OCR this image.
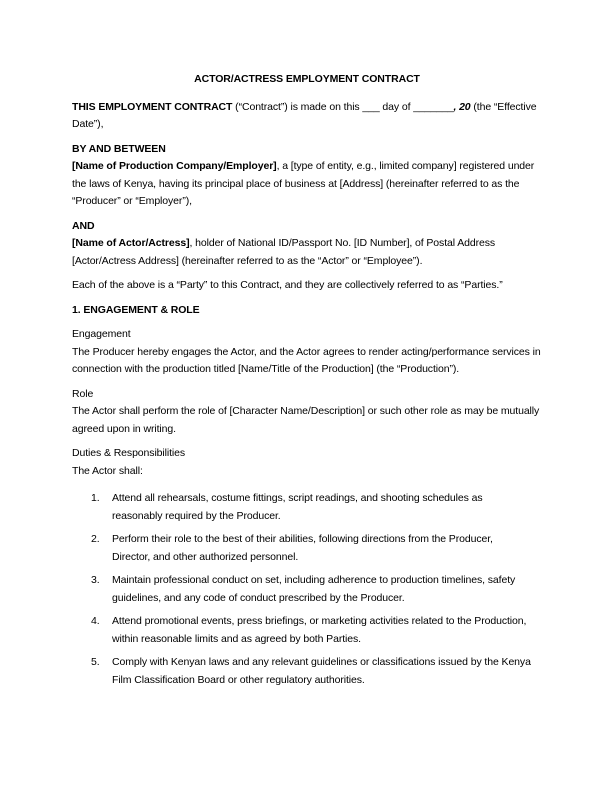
ACTOR/ACTRESS EMPLOYMENT CONTRACT

THIS EMPLOYMENT CONTRACT (“Contract”) is made on this ___ day of _______, 20 (the “Effective Date”),

BY AND BETWEEN

[Name of Production Company/Employer], a [type of entity, e.g., limited company] registered under the laws of Kenya, having its principal place of business at [Address] (hereinafter referred to as the “Producer” or “Employer”),

AND

[Name of Actor/Actress], holder of National ID/Passport No. [ID Number], of Postal Address [Actor/Actress Address] (hereinafter referred to as the “Actor” or “Employee”).

Each of the above is a “Party” to this Contract, and they are collectively referred to as “Parties.”

1. ENGAGEMENT & ROLE

Engagement

The Producer hereby engages the Actor, and the Actor agrees to render acting/performance services in connection with the production titled [Name/Title of the Production] (the “Production”).

Role

The Actor shall perform the role of [Character Name/Description] or such other role as may be mutually agreed upon in writing.

Duties & Responsibilities

The Actor shall:

1.	Attend all rehearsals, costume fittings, script readings, and shooting schedules as reasonably required by the Producer.
2.	Perform their role to the best of their abilities, following directions from the Producer, Director, and other authorized personnel.
3.	Maintain professional conduct on set, including adherence to production timelines, safety guidelines, and any code of conduct prescribed by the Producer.
4.	Attend promotional events, press briefings, or marketing activities related to the Production, within reasonable limits and as agreed by both Parties.
5.	Comply with Kenyan laws and any relevant guidelines or classifications issued by the Kenya Film Classification Board or other regulatory authorities.
